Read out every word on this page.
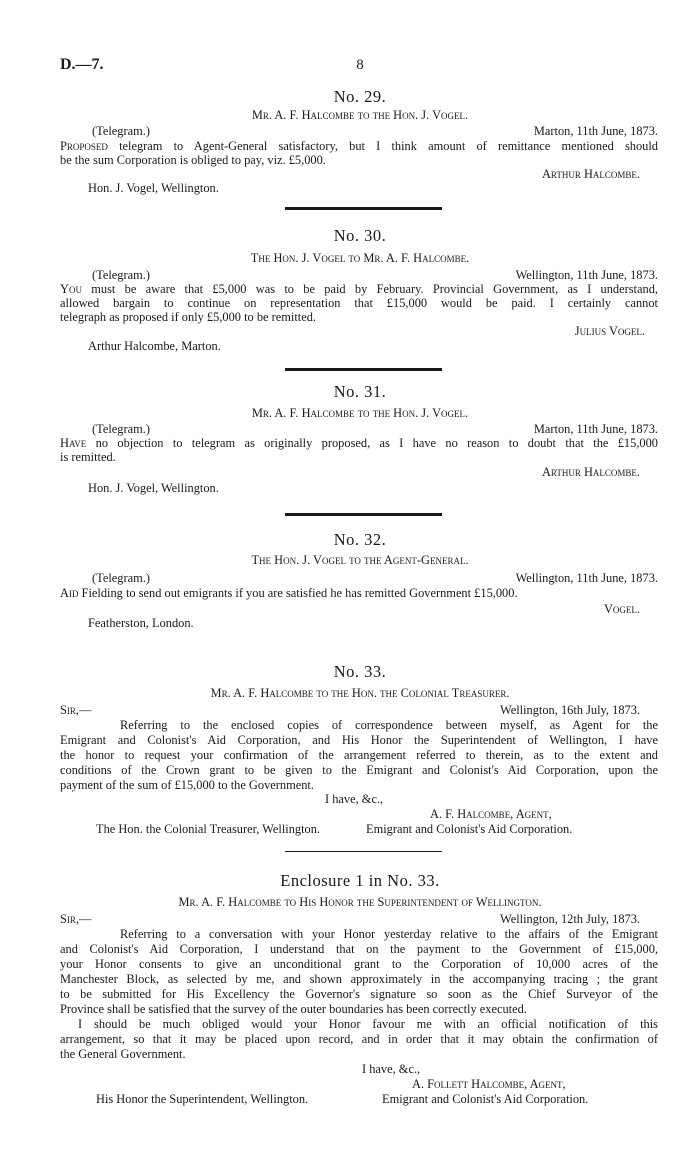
D.—7.	8
No. 29.
Mr. A. F. Halcombe to the Hon. J. Vogel.
(Telegram.)	Marton, 11th June, 1873.
Proposed telegram to Agent-General satisfactory, but I think amount of remittance mentioned should
be the sum Corporation is obliged to pay, viz. £5,000.
Arthur Halcombe.
Hon. J. Vogel, Wellington.
No. 30.
The Hon. J. Vogel to Mr. A. F. Halcombe.
(Telegram.)	Wellington, 11th June, 1873.
You must be aware that £5,000 was to be paid by February. Provincial Government, as I understand,
allowed bargain to continue on representation that £15,000 would be paid. I certainly cannot
telegraph as proposed if only £5,000 to be remitted.
Julius Vogel.
Arthur Halcombe, Marton.
No. 31.
Mr. A. F. Halcombe to the Hon. J. Vogel.
(Telegram.)	Marton, 11th June, 1873.
Have no objection to telegram as originally proposed, as I have no reason to doubt that the £15,000
is remitted.
Arthur Halcombe.
Hon. J. Vogel, Wellington.
No. 32.
The Hon. J. Vogel to the Agent-General.
(Telegram.)	Wellington, 11th June, 1873.
Aid Fielding to send out emigrants if you are satisfied he has remitted Government £15,000.
Vogel.
Featherston, London.
No. 33.
Mr. A. F. Halcombe to the Hon. the Colonial Treasurer.
Sir,—	Wellington, 16th July, 1873.
Referring to the enclosed copies of correspondence between myself, as Agent for the
Emigrant and Colonist's Aid Corporation, and His Honor the Superintendent of Wellington, I have
the honor to request your confirmation of the arrangement referred to therein, as to the extent and
conditions of the Crown grant to be given to the Emigrant and Colonist's Aid Corporation, upon the
payment of the sum of £15,000 to the Government.
I have, &c.,
A. F. Halcombe, Agent,
The Hon. the Colonial Treasurer, Wellington.	Emigrant and Colonist's Aid Corporation.
Enclosure 1 in No. 33.
Mr. A. F. Halcombe to His Honor the Superintendent of Wellington.
Sir,—	Wellington, 12th July, 1873.
Referring to a conversation with your Honor yesterday relative to the affairs of the Emigrant
and Colonist's Aid Corporation, I understand that on the payment to the Government of £15,000,
your Honor consents to give an unconditional grant to the Corporation of 10,000 acres of the
Manchester Block, as selected by me, and shown approximately in the accompanying tracing ; the grant
to be submitted for His Excellency the Governor's signature so soon as the Chief Surveyor of the
Province shall be satisfied that the survey of the outer boundaries has been correctly executed.
I should be much obliged would your Honor favour me with an official notification of this
arrangement, so that it may be placed upon record, and in order that it may obtain the confirmation of
the General Government.
I have, &c.,
A. Follett Halcombe, Agent,
His Honor the Superintendent, Wellington.	Emigrant and Colonist's Aid Corporation.
